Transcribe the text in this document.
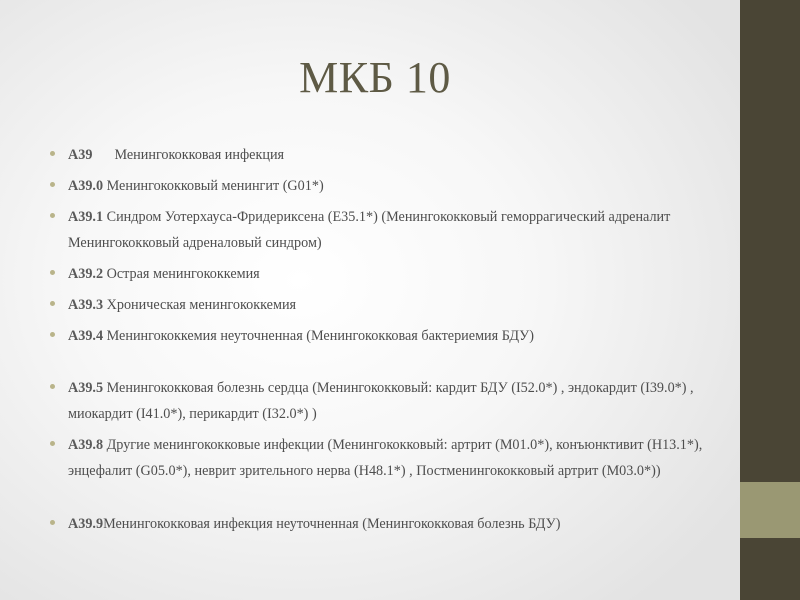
МКБ 10
А39 Менингококковая инфекция
А39.0 Менингококковый менингит (G01*)
А39.1 Синдром Уотерхауса-Фридериксена (E35.1*) (Менингококковый геморрагический адреналит Менингококковый адреналовый синдром)
А39.2 Острая менингококкемия
А39.3 Хроническая менингококкемия
А39.4 Менингококкемия неуточненная (Менингококковая бактериемия БДУ)
А39.5 Менингококковая болезнь сердца (Менингококковый: кардит БДУ (I52.0*) , эндокардит (I39.0*) , миокардит (I41.0*), перикардит (I32.0*) )
А39.8 Другие менингококковые инфекции (Менингококковый: артрит (M01.0*), конъюнктивит (H13.1*), энцефалит (G05.0*), неврит зрительного нерва (H48.1*) , Постменингококковый артрит (M03.0*))
А39.9Менингококковая инфекция неуточненная (Менингококковая болезнь БДУ)
